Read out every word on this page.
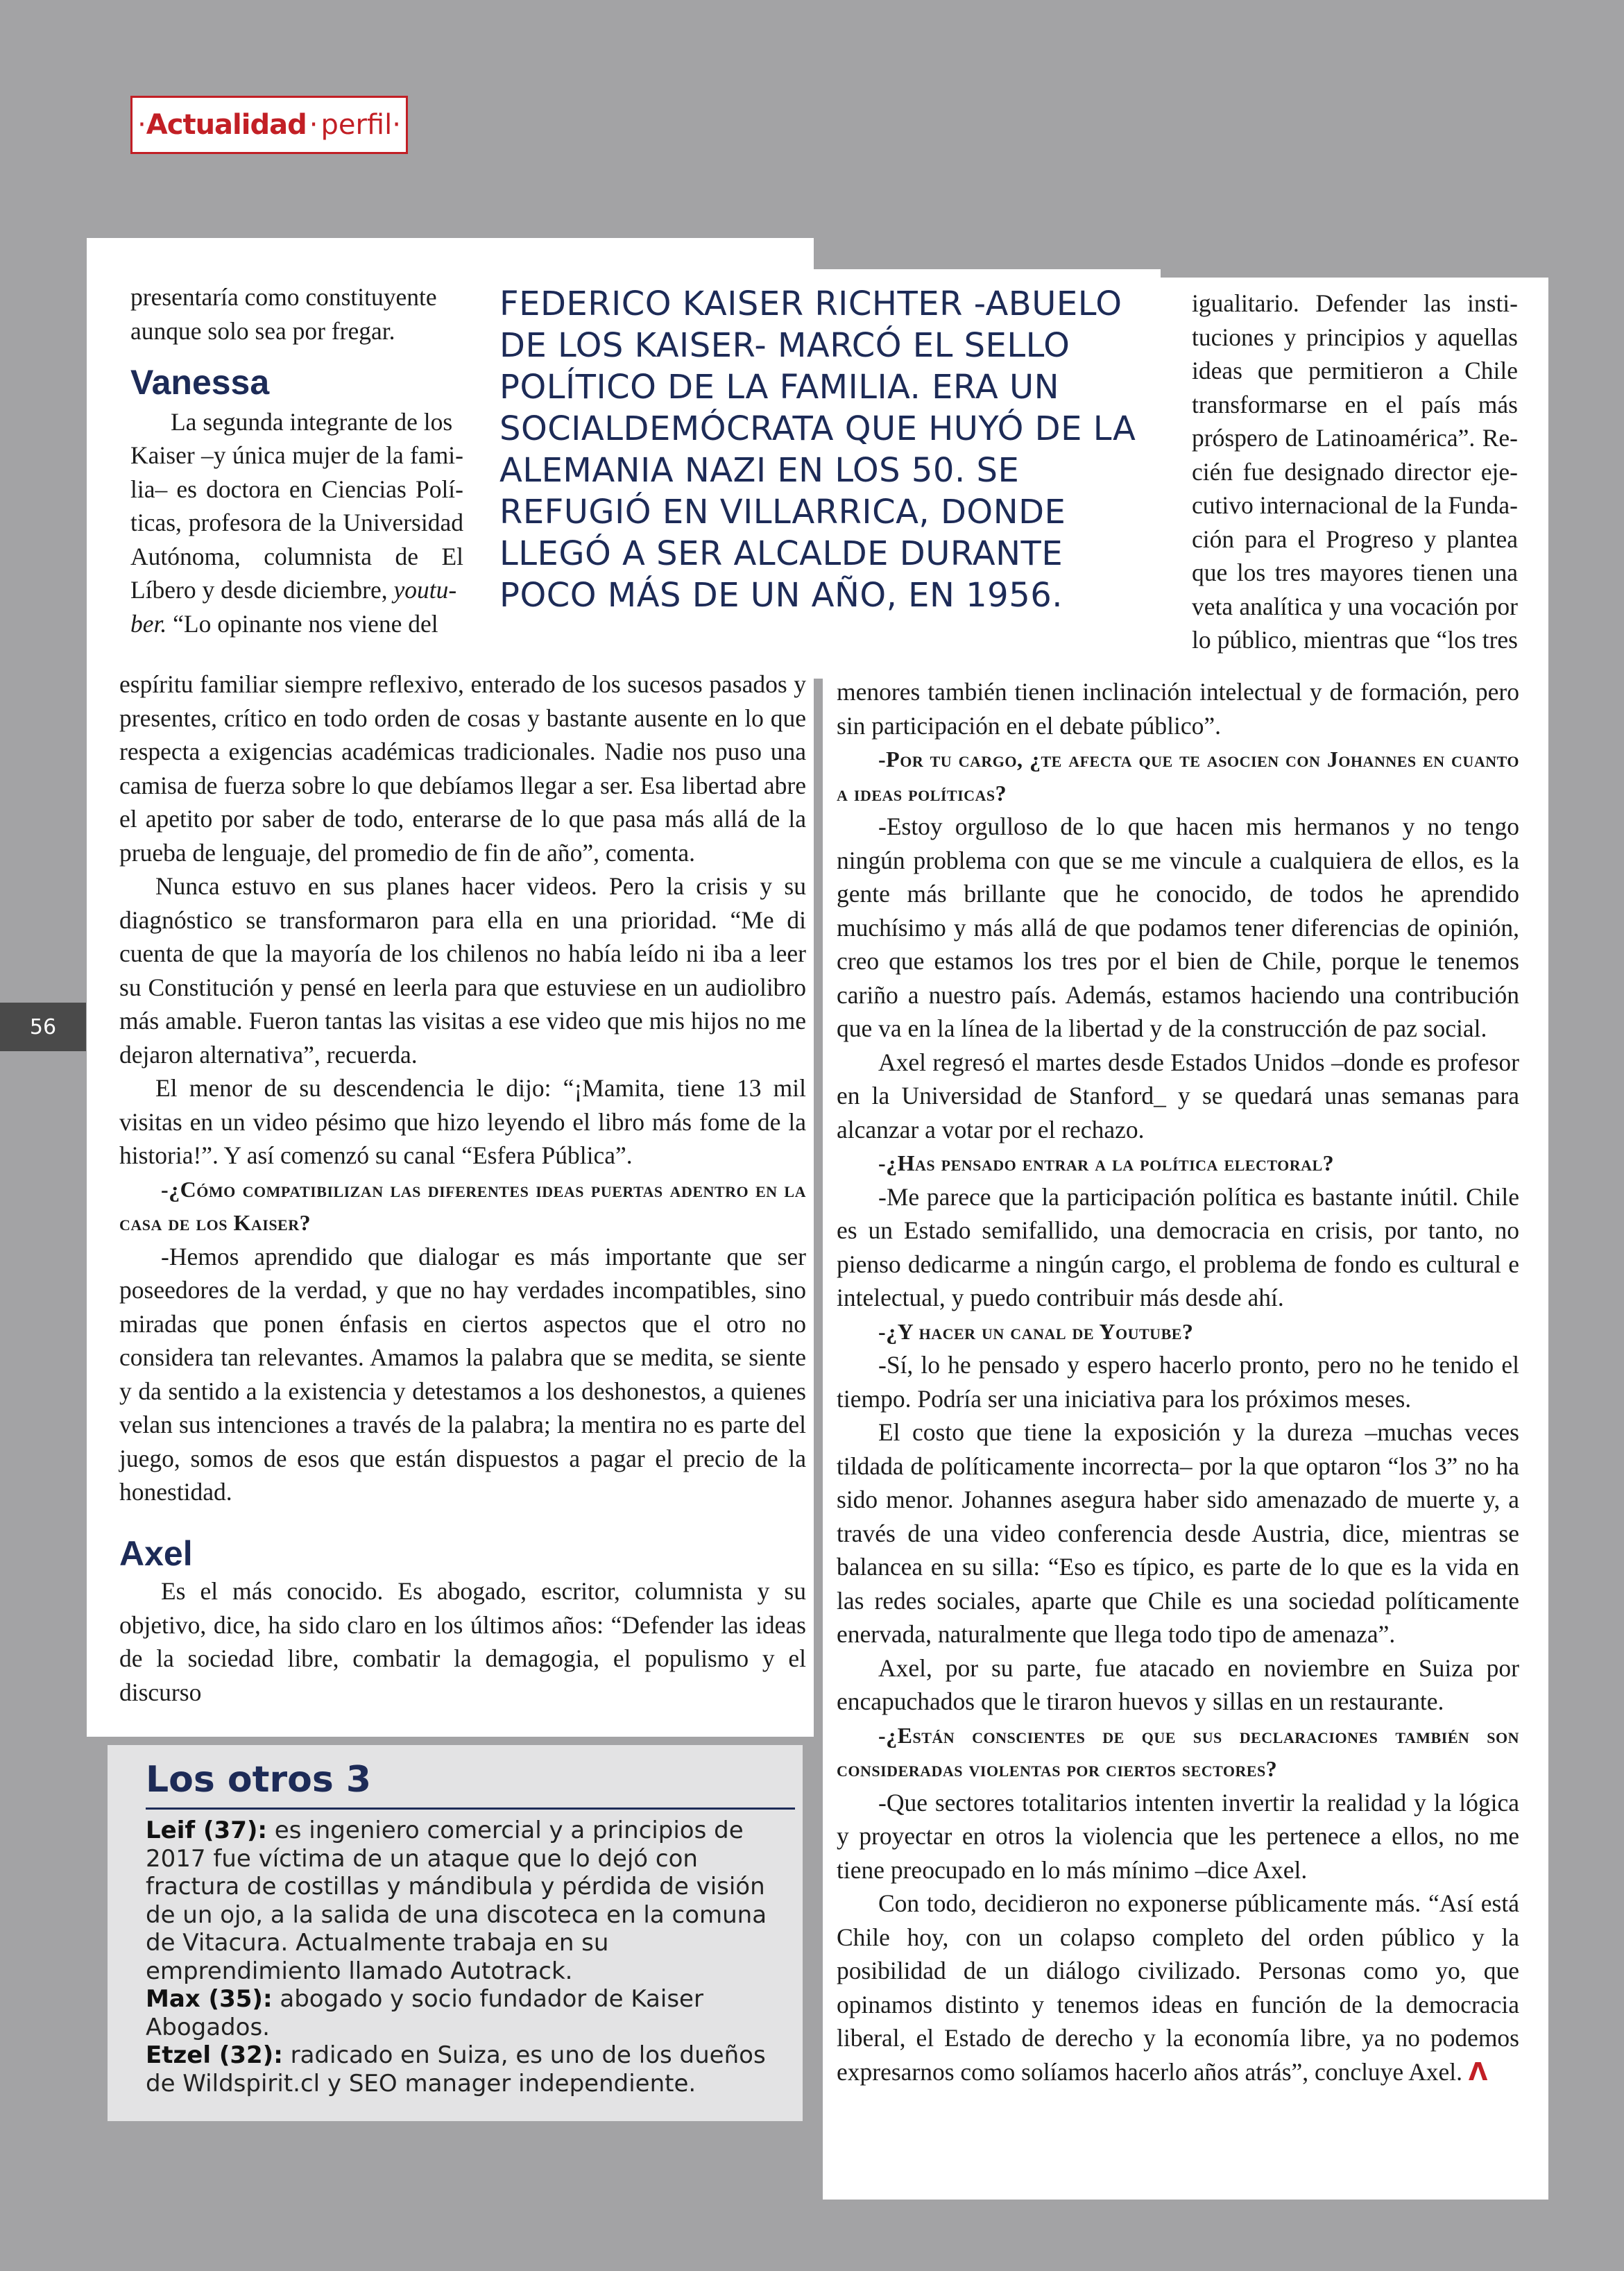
· Actualidad · perfil ·
56

FEDERICO KAISER RICHTER -ABUELO DE LOS KAISER- MARCÓ EL SELLO POLÍTICO DE LA FAMILIA. ERA UN SOCIALDEMÓCRATA QUE HUYÓ DE LA ALEMANIA NAZI EN LOS 50. SE REFUGIÓ EN VILLARRICA, DONDE LLEGÓ A SER ALCALDE DURANTE POCO MÁS DE UN AÑO, EN 1956.

presentaría como constituyente

aunque solo sea por fregar.

Vanessa
La segunda integrante de los
Kaiser –y única mujer de la fami-
lia– es doctora en Ciencias Polí-
ticas, profesora de la Universidad
Autónoma, columnista de El
Líbero y desde diciembre, youtu-
ber. “Lo opinante nos viene del

espíritu familiar siempre reflexivo, enterado de los sucesos pasados y presentes, crítico en todo orden de cosas y bastante ausente en lo que respecta a exigencias académicas tradicionales. Nadie nos puso una camisa de fuerza sobre lo que debíamos llegar a ser. Esa libertad abre el apetito por saber de todo, enterarse de lo que pasa más allá de la prueba de lenguaje, del promedio de fin de año”, comenta.

Nunca estuvo en sus planes hacer videos. Pero la crisis y su diagnóstico se transformaron para ella en una prioridad. “Me di cuenta de que la mayoría de los chilenos no había leído ni iba a leer su Constitución y pensé en leerla para que estuviese en un audiolibro más amable. Fueron tantas las visitas a ese video que mis hijos no me dejaron alternativa”, recuerda.

El menor de su descendencia le dijo: “¡Mamita, tiene 13 mil visitas en un video pésimo que hizo leyendo el libro más fome de la historia!”. Y así comenzó su canal “Esfera Pública”.

-¿Cómo compatibilizan las diferentes ideas puertas adentro en la casa de los Kaiser?

-Hemos aprendido que dialogar es más importante que ser poseedores de la verdad, y que no hay verdades incompatibles, sino miradas que ponen énfasis en ciertos aspectos que el otro no considera tan relevantes. Amamos la palabra que se medita, se siente y da sentido a la existencia y detestamos a los deshonestos, a quienes velan sus intenciones a través de la palabra; la mentira no es parte del juego, somos de esos que están dispuestos a pagar el precio de la honestidad.

Axel

Es el más conocido. Es abogado, escritor, columnista y su objetivo, dice, ha sido claro en los últimos años: “Defender las ideas de la sociedad libre, combatir la demagogia, el populismo y el discurso

igualitario. Defender las insti-
tuciones y principios y aquellas
ideas que permitieron a Chile
transformarse en el país más
próspero de Latinoamérica”. Re-
cién fue designado director eje-
cutivo internacional de la Funda-
ción para el Progreso y plantea
que los tres mayores tienen una
veta analítica y una vocación por
lo público, mientras que “los tres

menores también tienen inclinación intelectual y de formación, pero sin participación en el debate público”.

-Por tu cargo, ¿te afecta que te asocien con Johannes en cuanto a ideas políticas?

-Estoy orgulloso de lo que hacen mis hermanos y no tengo ningún problema con que se me vincule a cualquiera de ellos, es la gente más brillante que he conocido, de todos he aprendido muchísimo y más allá de que podamos tener diferencias de opinión, creo que estamos los tres por el bien de Chile, porque le tenemos cariño a nuestro país. Además, estamos haciendo una contribución que va en la línea de la libertad y de la construcción de paz social.

Axel regresó el martes desde Estados Unidos –donde es profesor en la Universidad de Stanford_ y se quedará unas semanas para alcanzar a votar por el rechazo.

-¿Has pensado entrar a la política electoral?

-Me parece que la participación política es bastante inútil. Chile es un Estado semifallido, una democracia en crisis, por tanto, no pienso dedicarme a ningún cargo, el problema de fondo es cultural e intelectual, y puedo contribuir más desde ahí.

-¿Y hacer un canal de Youtube?

-Sí, lo he pensado y espero hacerlo pronto, pero no he tenido el tiempo. Podría ser una iniciativa para los próximos meses.

El costo que tiene la exposición y la dureza –muchas veces tildada de políticamente incorrecta– por la que optaron “los 3” no ha sido menor. Johannes asegura haber sido amenazado de muerte y, a través de una video conferencia desde Austria, dice, mientras se balancea en su silla: “Eso es típico, es parte de lo que es la vida en las redes sociales, aparte que Chile es una sociedad políticamente enervada, naturalmente que llega todo tipo de amenaza”.

Axel, por su parte, fue atacado en noviembre en Suiza por encapuchados que le tiraron huevos y sillas en un restaurante.

-¿Están conscientes de que sus declaraciones también son consideradas violentas por ciertos sectores?

-Que sectores totalitarios intenten invertir la realidad y la lógica y proyectar en otros la violencia que les pertenece a ellos, no me tiene preocupado en lo más mínimo –dice Axel.

Con todo, decidieron no exponerse públicamente más. “Así está Chile hoy, con un colapso completo del orden público y la posibilidad de un diálogo civilizado. Personas como yo, que opinamos distinto y tenemos ideas en función de la democracia liberal, el Estado de derecho y la economía libre, ya no podemos expresarnos como solíamos hacerlo años atrás”, concluye Axel. Λ

Los otros 3

Leif (37): es ingeniero comercial y a principios de 2017 fue víctima de un ataque que lo dejó con fractura de costillas y mándibula y pérdida de visión de un ojo, a la salida de una discoteca en la comuna de Vitacura. Actualmente trabaja en su emprendimiento llamado Autotrack.

Max (35): abogado y socio fundador de Kaiser Abogados.

Etzel (32): radicado en Suiza, es uno de los dueños de Wildspirit.cl y SEO manager independiente.
